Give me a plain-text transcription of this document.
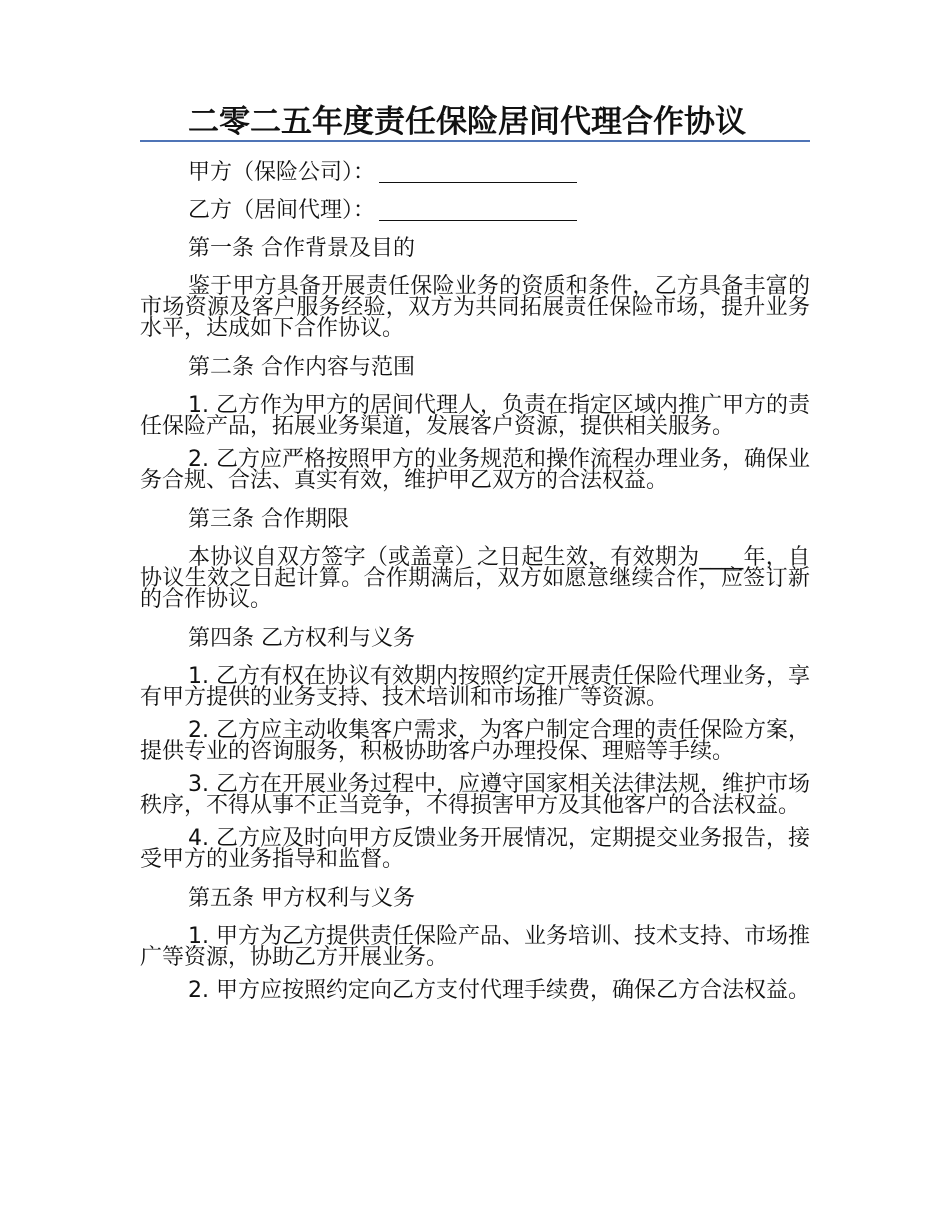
二零二五年度责任保险居间代理合作协议

甲方（保险公司）：

乙方（居间代理）：

第一条 合作背景及目的

鉴于甲方具备开展责任保险业务的资质和条件，乙方具备丰富的市场资源及客户服务经验，双方为共同拓展责任保险市场，提升业务水平，达成如下合作协议。

第二条 合作内容与范围

1. 乙方作为甲方的居间代理人，负责在指定区域内推广甲方的责任保险产品，拓展业务渠道，发展客户资源，提供相关服务。

2. 乙方应严格按照甲方的业务规范和操作流程办理业务，确保业务合规、合法、真实有效，维护甲乙双方的合法权益。

第三条 合作期限

本协议自双方签字（或盖章）之日起生效，有效期为____年，自协议生效之日起计算。合作期满后，双方如愿意继续合作，应签订新的合作协议。

第四条 乙方权利与义务

1. 乙方有权在协议有效期内按照约定开展责任保险代理业务，享有甲方提供的业务支持、技术培训和市场推广等资源。

2. 乙方应主动收集客户需求，为客户制定合理的责任保险方案，提供专业的咨询服务，积极协助客户办理投保、理赔等手续。

3. 乙方在开展业务过程中，应遵守国家相关法律法规，维护市场秩序，不得从事不正当竞争，不得损害甲方及其他客户的合法权益。

4. 乙方应及时向甲方反馈业务开展情况，定期提交业务报告，接受甲方的业务指导和监督。

第五条 甲方权利与义务

1. 甲方为乙方提供责任保险产品、业务培训、技术支持、市场推广等资源，协助乙方开展业务。

2. 甲方应按照约定向乙方支付代理手续费，确保乙方合法权益。
